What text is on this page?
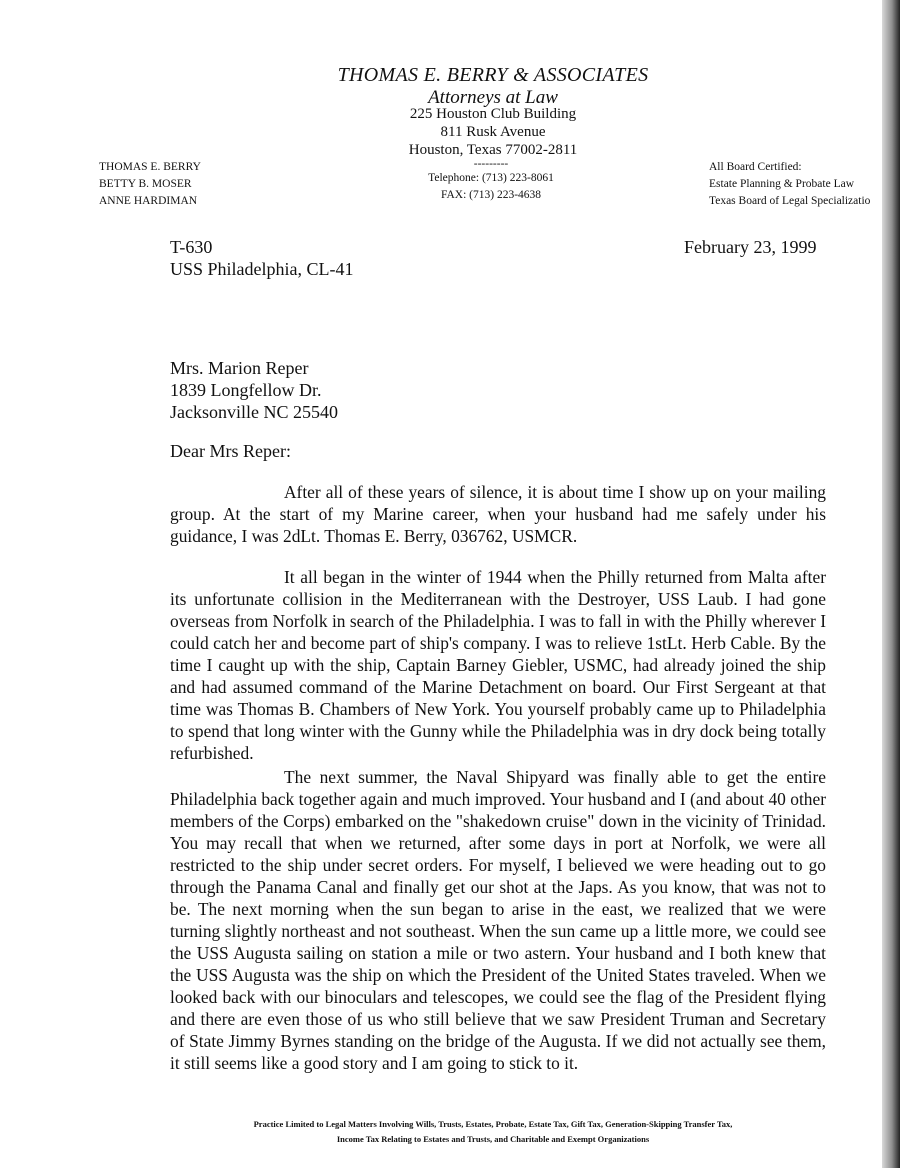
THOMAS E. BERRY & ASSOCIATES
Attorneys at Law
225 Houston Club Building
811 Rusk Avenue
Houston, Texas 77002-2811
---------
THOMAS E. BERRY
BETTY B. MOSER
ANNE HARDIMAN
Telephone: (713) 223-8061
FAX: (713) 223-4638
All Board Certified:
Estate Planning & Probate Law
Texas Board of Legal Specializatio
T-630
USS Philadelphia, CL-41
February 23, 1999
Mrs. Marion Reper
1839 Longfellow Dr.
Jacksonville NC 25540
Dear Mrs Reper:

After all of these years of silence, it is about time I show up on your mailing group. At the start of my Marine career, when your husband had me safely under his guidance, I was 2dLt. Thomas E. Berry, 036762, USMCR.

It all began in the winter of 1944 when the Philly returned from Malta after its unfortunate collision in the Mediterranean with the Destroyer, USS Laub. I had gone overseas from Norfolk in search of the Philadelphia. I was to fall in with the Philly wherever I could catch her and become part of ship's company. I was to relieve 1stLt. Herb Cable. By the time I caught up with the ship, Captain Barney Giebler, USMC, had already joined the ship and had assumed command of the Marine Detachment on board. Our First Sergeant at that time was Thomas B. Chambers of New York. You yourself probably came up to Philadelphia to spend that long winter with the Gunny while the Philadelphia was in dry dock being totally refurbished.

The next summer, the Naval Shipyard was finally able to get the entire Philadelphia back together again and much improved. Your husband and I (and about 40 other members of the Corps) embarked on the "shakedown cruise" down in the vicinity of Trinidad. You may recall that when we returned, after some days in port at Norfolk, we were all restricted to the ship under secret orders. For myself, I believed we were heading out to go through the Panama Canal and finally get our shot at the Japs. As you know, that was not to be. The next morning when the sun began to arise in the east, we realized that we were turning slightly northeast and not southeast. When the sun came up a little more, we could see the USS Augusta sailing on station a mile or two astern. Your husband and I both knew that the USS Augusta was the ship on which the President of the United States traveled. When we looked back with our binoculars and telescopes, we could see the flag of the President flying and there are even those of us who still believe that we saw President Truman and Secretary of State Jimmy Byrnes standing on the bridge of the Augusta. If we did not actually see them, it still seems like a good story and I am going to stick to it.

Practice Limited to Legal Matters Involving Wills, Trusts, Estates, Probate, Estate Tax, Gift Tax, Generation-Skipping Transfer Tax,
Income Tax Relating to Estates and Trusts, and Charitable and Exempt Organizations
